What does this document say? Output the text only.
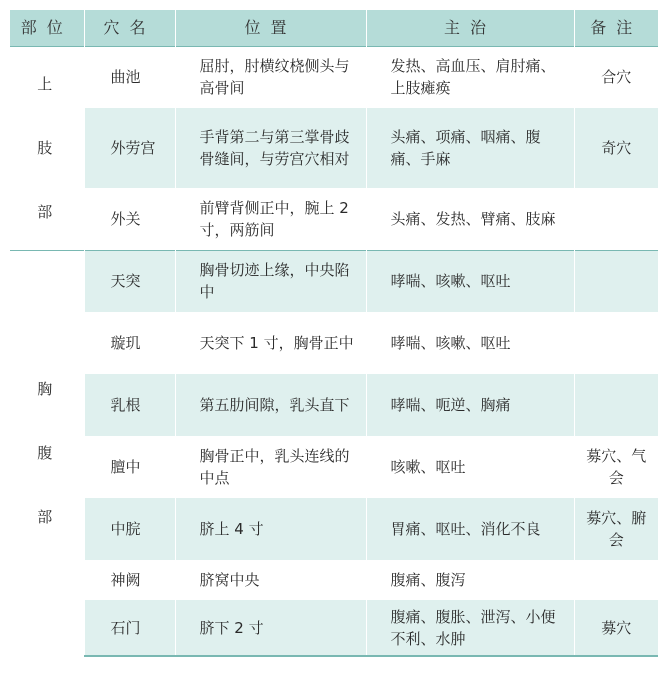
部位	穴名	位置	主治	备注

上
肢
部	曲池	屈肘，肘横纹桡侧头与高骨间	发热、高血压、肩肘痛、上肢瘫痪	合穴
	外劳宫	手背第二与第三掌骨歧骨缝间，与劳宫穴相对	头痛、项痛、咽痛、腹痛、手麻	奇穴
	外关	前臂背侧正中，腕上 2 寸，两筋间	头痛、发热、臂痛、肢麻	

胸
腹
部	天突	胸骨切迹上缘，中央陷中	哮喘、咳嗽、呕吐	
	璇玑	天突下 1 寸，胸骨正中	哮喘、咳嗽、呕吐	
	乳根	第五肋间隙，乳头直下	哮喘、呃逆、胸痛	
	膻中	胸骨正中，乳头连线的中点	咳嗽、呕吐	募穴、气会
	中脘	脐上 4 寸	胃痛、呕吐、消化不良	募穴、腑会
	神阙	脐窝中央	腹痛、腹泻	
	石门	脐下 2 寸	腹痛、腹胀、泄泻、小便不利、水肿	募穴
